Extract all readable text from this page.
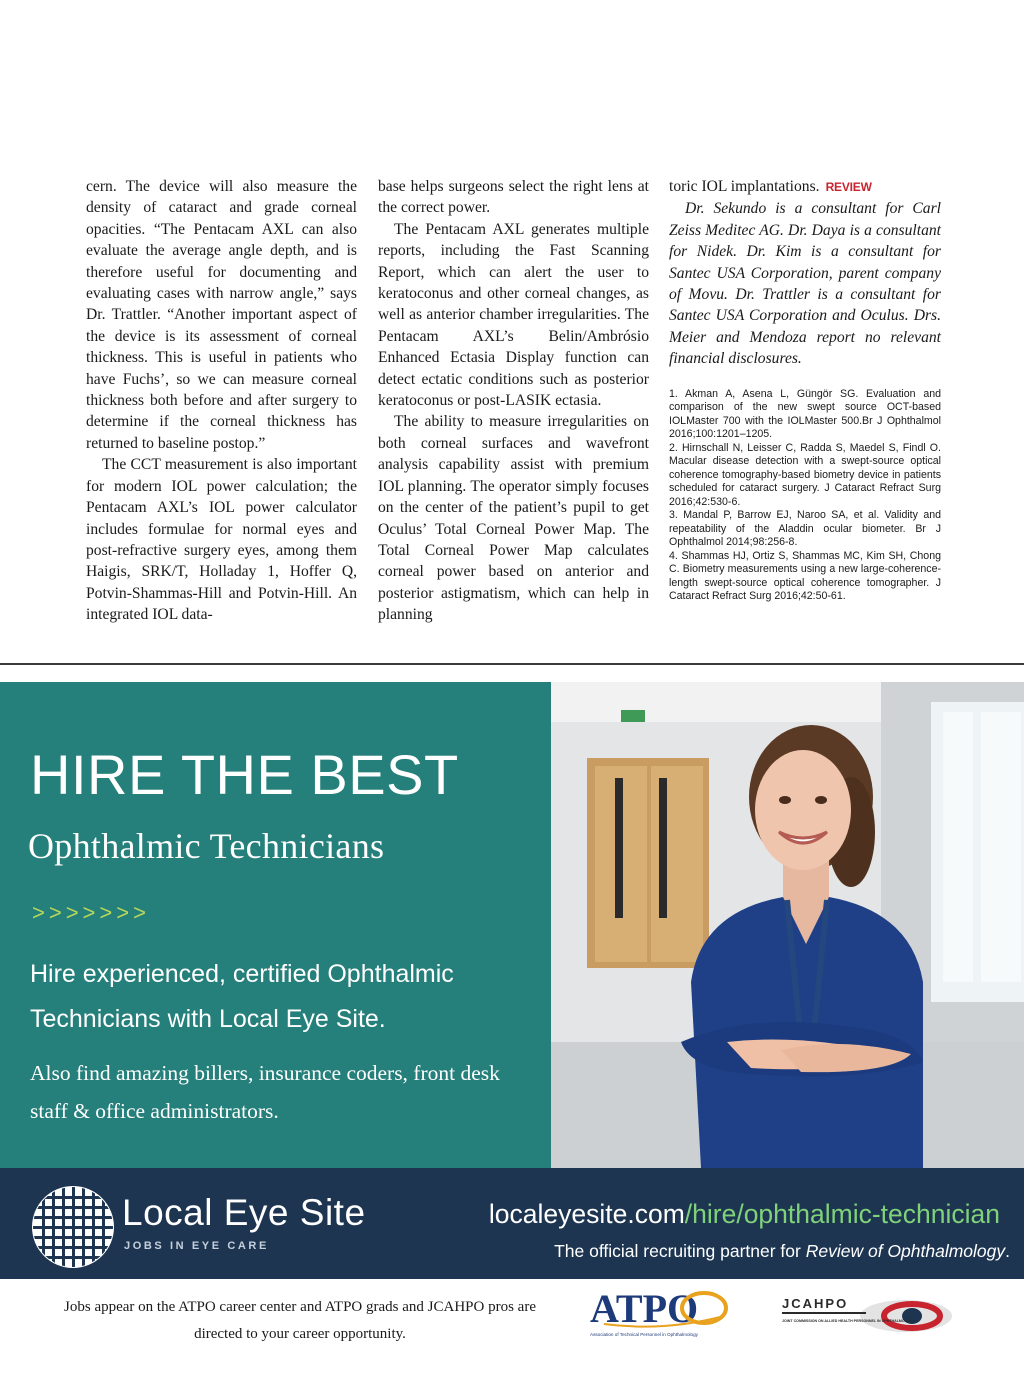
cern. The device will also measure the density of cataract and grade corneal opacities. “The Pentacam AXL can also evaluate the average angle depth, and is therefore useful for documenting and evaluating cases with narrow angle,” says Dr. Trattler. “Another important aspect of the device is its assessment of corneal thickness. This is useful in patients who have Fuchs’, so we can measure corneal thickness both before and after surgery to determine if the corneal thickness has returned to baseline postop.”

The CCT measurement is also important for modern IOL power calculation; the Pentacam AXL’s IOL power calculator includes formulae for normal eyes and post-refractive surgery eyes, among them Haigis, SRK/T, Holladay 1, Hoffer Q, Potvin-Shammas-Hill and Potvin-Hill. An integrated IOL data-

base helps surgeons select the right lens at the correct power.

The Pentacam AXL generates multiple reports, including the Fast Scanning Report, which can alert the user to keratoconus and other corneal changes, as well as anterior chamber irregularities. The Pentacam AXL’s Belin/Ambrósio Enhanced Ectasia Display function can detect ectatic conditions such as posterior keratoconus or post-LASIK ectasia.

The ability to measure irregularities on both corneal surfaces and wavefront analysis capability assist with premium IOL planning. The operator simply focuses on the center of the patient’s pupil to get Oculus’ Total Corneal Power Map. The Total Corneal Power Map calculates corneal power based on anterior and posterior astigmatism, which can help in planning

toric IOL implantations. REVIEW

Dr. Sekundo is a consultant for Carl Zeiss Meditec AG. Dr. Daya is a consultant for Nidek. Dr. Kim is a consultant for Santec USA Corporation, parent company of Movu. Dr. Trattler is a consultant for Santec USA Corporation and Oculus. Drs. Meier and Mendoza report no relevant financial disclosures.

1. Akman A, Asena L, Güngör SG. Evaluation and comparison of the new swept source OCT-based IOLMaster 700 with the IOLMaster 500.Br J Ophthalmol 2016;100:1201–1205.
2. Hirnschall N, Leisser C, Radda S, Maedel S, Findl O. Macular disease detection with a swept-source optical coherence tomography-based biometry device in patients scheduled for cataract surgery. J Cataract Refract Surg 2016;42:530-6.
3. Mandal P, Barrow EJ, Naroo SA, et al. Validity and repeatability of the Aladdin ocular biometer. Br J Ophthalmol 2014;98:256-8.
4. Shammas HJ, Ortiz S, Shammas MC, Kim SH, Chong C. Biometry measurements using a new large-coherence-length swept-source optical coherence tomographer. J Cataract Refract Surg 2016;42:50-61.
HIRE THE BEST
Ophthalmic Technicians
>>>>>>>
Hire experienced, certified Ophthalmic Technicians with Local Eye Site.
Also find amazing billers, insurance coders, front desk staff & office administrators.
Local Eye Site
JOBS IN EYE CARE
localeyesite.com/hire/ophthalmic-technician
The official recruiting partner for Review of Ophthalmology.
Jobs appear on the ATPO career center and ATPO grads and JCAHPO pros are directed to your career opportunity.
ATPO
Association of Technical Personnel in Ophthalmology
JCAHPO
JOINT COMMISSION ON ALLIED HEALTH PERSONNEL IN OPHTHALMOLOGY
